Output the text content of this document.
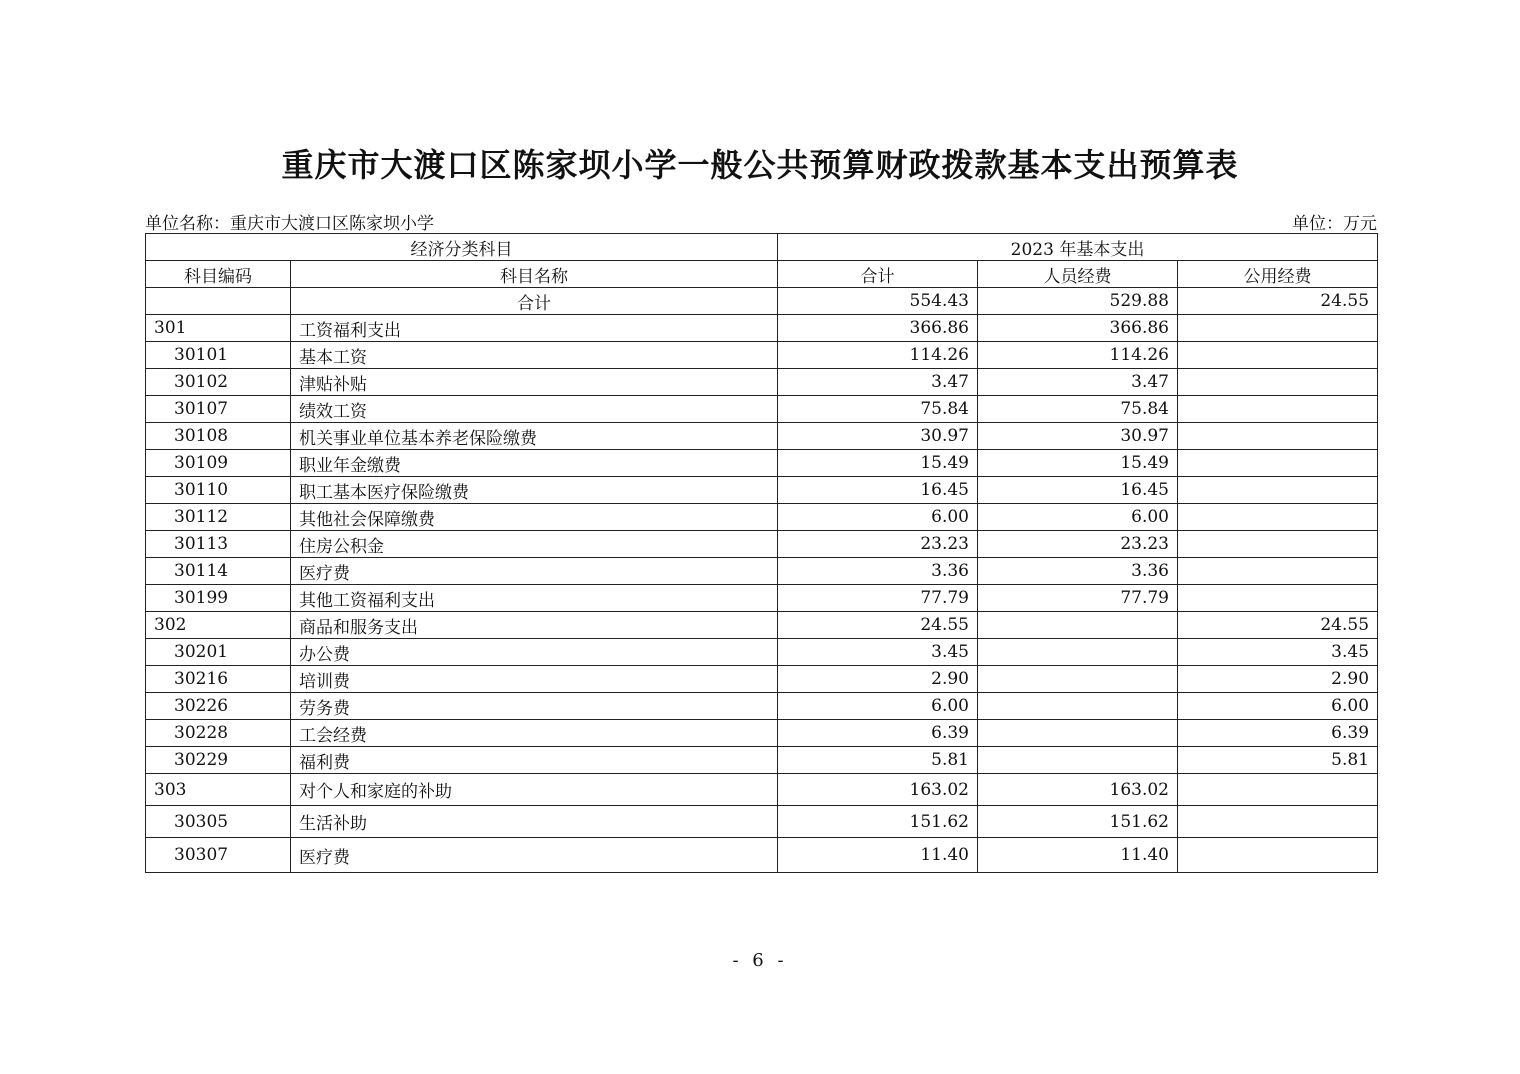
重庆市大渡口区陈家坝小学一般公共预算财政拨款基本支出预算表
单位名称：重庆市大渡口区陈家坝小学	单位：万元
经济分类科目		2023 年基本支出		
科目编码	科目名称	合计	人员经费	公用经费
	合计	554.43	529.88	24.55
301	工资福利支出	366.86	366.86	
30101	基本工资	114.26	114.26	
30102	津贴补贴	3.47	3.47	
30107	绩效工资	75.84	75.84	
30108	机关事业单位基本养老保险缴费	30.97	30.97	
30109	职业年金缴费	15.49	15.49	
30110	职工基本医疗保险缴费	16.45	16.45	
30112	其他社会保障缴费	6.00	6.00	
30113	住房公积金	23.23	23.23	
30114	医疗费	3.36	3.36	
30199	其他工资福利支出	77.79	77.79	
302	商品和服务支出	24.55		24.55
30201	办公费	3.45		3.45
30216	培训费	2.90		2.90
30226	劳务费	6.00		6.00
30228	工会经费	6.39		6.39
30229	福利费	5.81		5.81
303	对个人和家庭的补助	163.02	163.02	
30305	生活补助	151.62	151.62	
30307	医疗费	11.40	11.40	
- 6 -
